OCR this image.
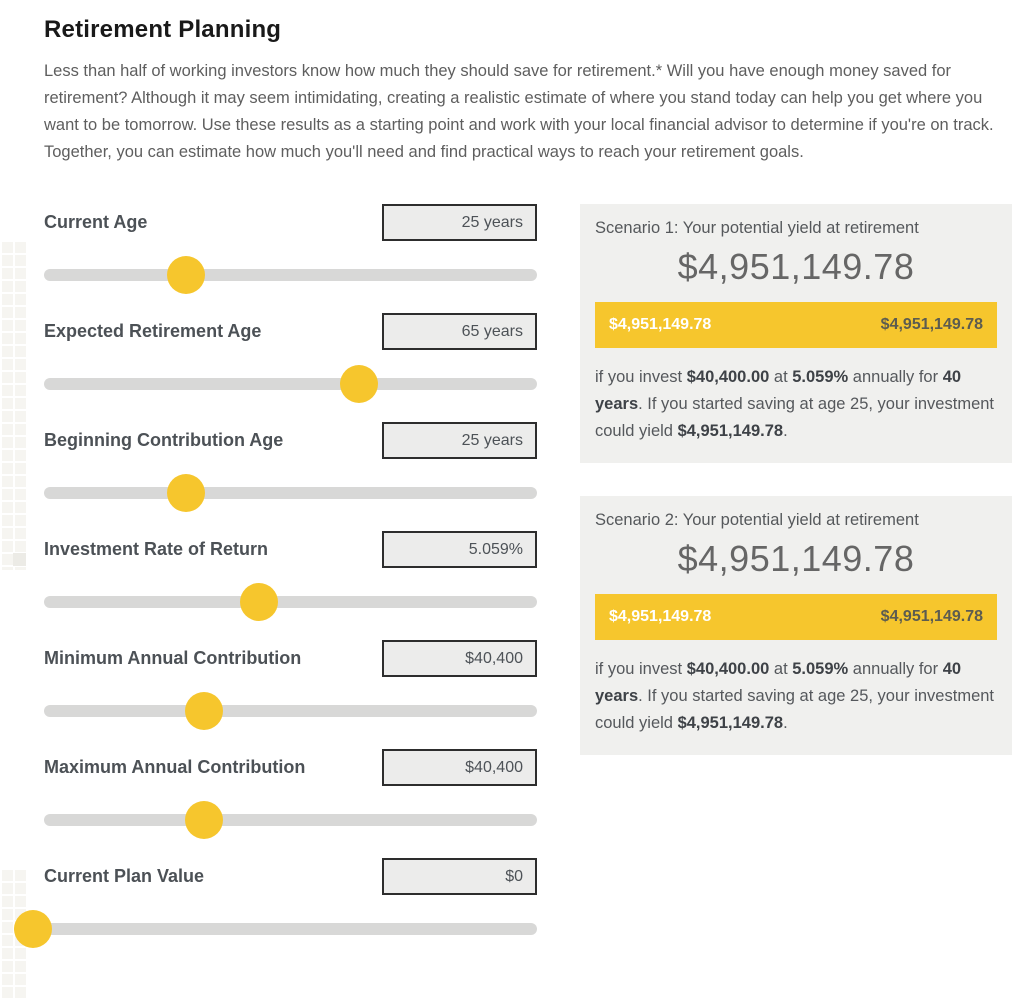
Retirement Planning

Less than half of working investors know how much they should save for retirement.* Will you have enough money saved for retirement? Although it may seem intimidating, creating a realistic estimate of where you stand today can help you get where you want to be tomorrow. Use these results as a starting point and work with your local financial advisor to determine if you're on track. Together, you can estimate how much you'll need and find practical ways to reach your retirement goals.

Current Age
25 years
Expected Retirement Age
65 years
Beginning Contribution Age
25 years
Investment Rate of Return
5.059%
Minimum Annual Contribution
$40,400
Maximum Annual Contribution
$40,400
Current Plan Value
$0
Scenario 1: Your potential yield at retirement
$4,951,149.78
$4,951,149.78	$4,951,149.78
if you invest $40,400.00 at 5.059% annually for 40 years. If you started saving at age 25, your investment could yield $4,951,149.78.
Scenario 2: Your potential yield at retirement
$4,951,149.78
$4,951,149.78	$4,951,149.78
if you invest $40,400.00 at 5.059% annually for 40 years. If you started saving at age 25, your investment could yield $4,951,149.78.
